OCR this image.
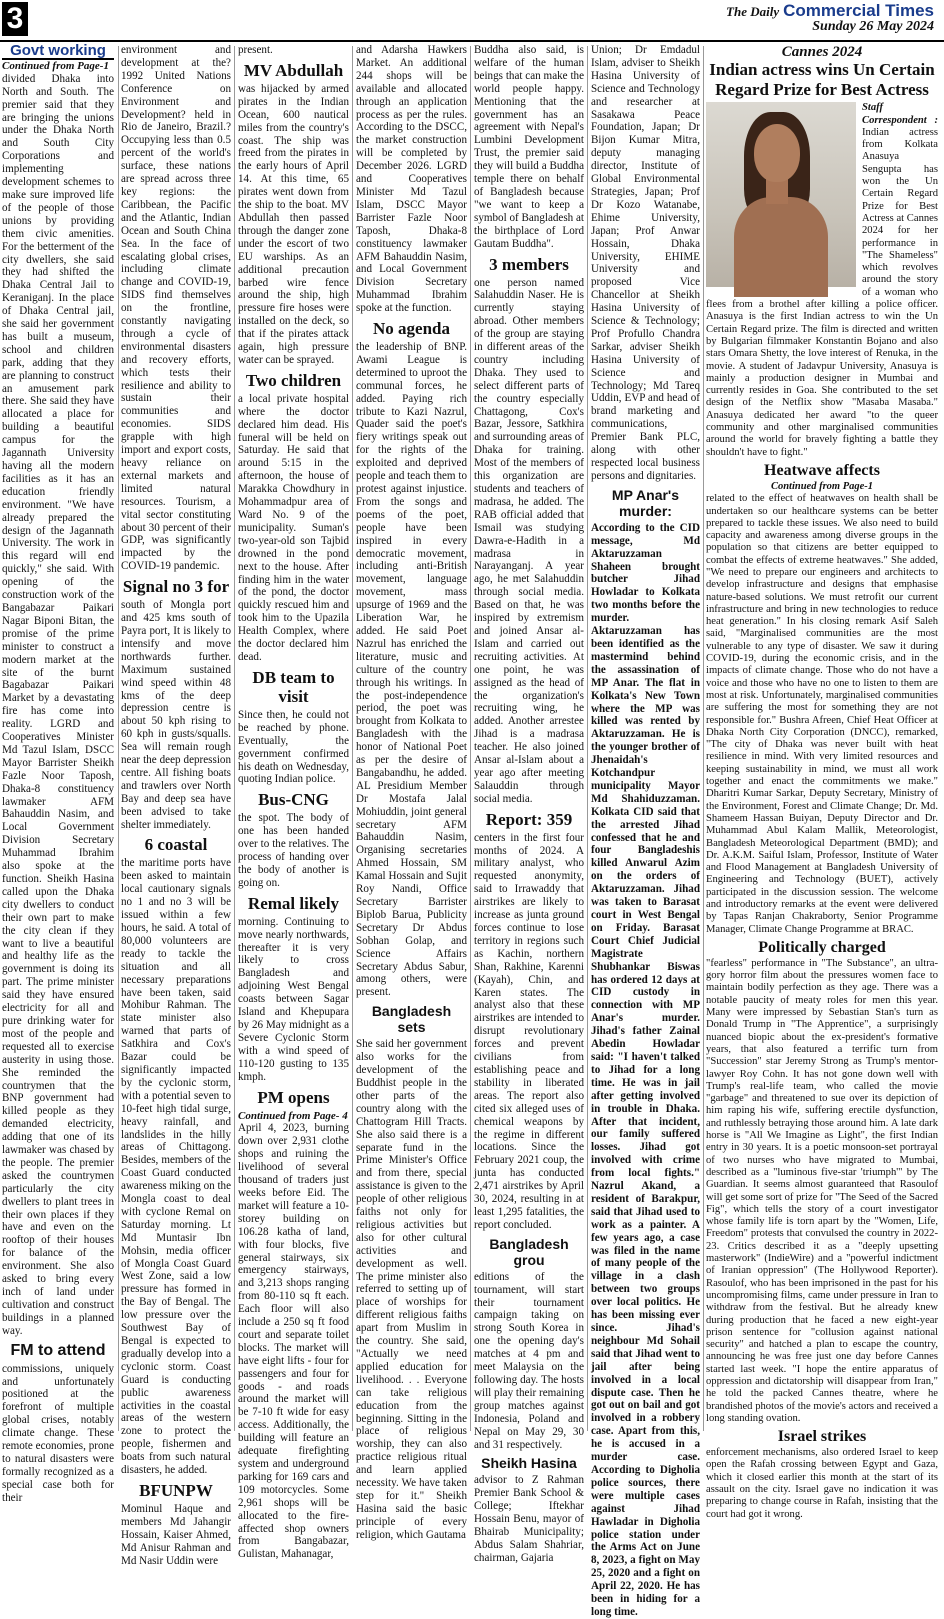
3	The Daily Commercial Times
Sunday 26 May 2024
Govt working
Continued from Page-1

divided Dhaka into North and South. The premier said that they are bringing the unions under the Dhaka North and South City Corporations and implementing development schemes to make sure improved life of the people of those unions by providing them civic amenities. For the betterment of the city dwellers, she said they had shifted the Dhaka Central Jail to Keraniganj. In the place of Dhaka Central jail, she said her government has built a museum, school and children park, adding that they are planning to construct an amusement park there. She said they have allocated a place for building a beautiful campus for the Jagannath University having all the modern facilities as it has an education friendly environment. "We have already prepared the design of the Jagannath University. The work in this regard will end quickly," she said. With opening of the construction work of the Bangabazar Paikari Nagar Biponi Bitan, the promise of the prime minister to construct a modern market at the site of the burnt Bagabazar Paikari Market by a devastating fire has come into reality. LGRD and Cooperatives Minister Md Tazul Islam, DSCC Mayor Barrister Sheikh Fazle Noor Taposh, Dhaka-8 constituency lawmaker AFM Bahauddin Nasim, and Local Government Division Secretary Muhammad Ibrahim also spoke at the function. Sheikh Hasina called upon the Dhaka city dwellers to conduct their own part to make the city clean if they want to live a beautiful and healthy life as the government is doing its part. The prime minister said they have ensured electricity for all and pure drinking water for most of the people and requested all to exercise austerity in using those. She reminded the countrymen that the BNP government had killed people as they demanded electricity, adding that one of its lawmaker was chased by the people. The premier asked the countrymen particularly the city dwellers to plant trees in their own places if they have and even on the rooftop of their houses for balance of the environment. She also asked to bring every inch of land under cultivation and construct buildings in a planned way.

FM to attend

commissions, uniquely and unfortunately positioned at the forefront of multiple global crises, notably climate change. These remote economies, prone to natural disasters were formally recognized as a special case both for their

environment and development at the?1992 United Nations Conference on Environment and Development? held in Rio de Janeiro, Brazil.?Occupying less than 0.5 percent of the world's surface, these nations are spread across three key regions: the Caribbean, the Pacific and the Atlantic, Indian Ocean and South China Sea. In the face of escalating global crises, including climate change and COVID-19, SIDS find themselves on the frontline, constantly navigating through a cycle of environmental disasters and recovery efforts, which tests their resilience and ability to sustain their communities and economies. SIDS grapple with high import and export costs, heavy reliance on external markets and limited natural resources. Tourism, a vital sector constituting about 30 percent of their GDP, was significantly impacted by the COVID-19 pandemic.

Signal no 3 for

south of Mongla port and 425 kms south of Payra port, It is likely to intensify and move northwards further. Maximum sustained wind speed within 48 kms of the deep depression centre is about 50 kph rising to 60 kph in gusts/squalls. Sea will remain rough near the deep depression centre. All fishing boats and trawlers over North Bay and deep sea have been advised to take shelter immediately.

6 coastal

the maritime ports have been asked to maintain local cautionary signals no 1 and no 3 will be issued within a few hours, he said. A total of 80,000 volunteers are ready to tackle the situation and all necessary preparations have been taken, said Mohibur Rahman. The state minister also warned that parts of Satkhira and Cox's Bazar could be significantly impacted by the cyclonic storm, with a potential seven to 10-feet high tidal surge, heavy rainfall, and landslides in the hilly areas of Chittagong. Besides, members of the Coast Guard conducted awareness miking on the Mongla coast to deal with cyclone Remal on Saturday morning. Lt Md Muntasir Ibn Mohsin, media officer of Mongla Coast Guard West Zone, said a low pressure has formed in the Bay of Bengal. The low pressure over the Southwest Bay of Bengal is expected to gradually develop into a cyclonic storm. Coast Guard is conducting public awareness activities in the coastal areas of the western zone to protect the people, fishermen and boats from such natural disasters, he added.

BFUNPW

Mominul Haque and members Md Jahangir Hossain, Kaiser Ahmed, Md Anisur Rahman and Md Nasir Uddin were

present.

MV Abdullah

was hijacked by armed pirates in the Indian Ocean, 600 nautical miles from the country's coast. The ship was freed from the pirates in the early hours of April 14. At this time, 65 pirates went down from the ship to the boat. MV Abdullah then passed through the danger zone under the escort of two EU warships. As an additional precaution barbed wire fence around the ship, high pressure fire hoses were installed on the deck, so that if the pirates attack again, high pressure water can be sprayed.

Two children

a local private hospital where the doctor declared him dead. His funeral will be held on Saturday. He said that around 5:15 in the afternoon, the house of Marakka Chowdhury in Mohammadpur area of Ward No. 9 of the municipality. Suman's two-year-old son Tajbid drowned in the pond next to the house. After finding him in the water of the pond, the doctor quickly rescued him and took him to the Upazila Health Complex, where the doctor declared him dead.

DB team to visit

Since then, he could not be reached by phone. Eventually, the government confirmed his death on Wednesday, quoting Indian police.

Bus-CNG

the spot. The body of one has been handed over to the relatives. The process of handing over the body of another is going on.

Remal likely

morning. Continuing to move nearly northwards, thereafter it is very likely to cross Bangladesh and adjoining West Bengal coasts between Sagar Island and Khepupara by 26 May midnight as a Severe Cyclonic Storm with a wind speed of 110-120 gusting to 135 kmph.

PM opens
Continued from Page- 4

April 4, 2023, burning down over 2,931 clothe shops and ruining the livelihood of several thousand of traders just weeks before Eid. The market will feature a 10-storey building on 106.28 katha of land, with four blocks, five general stairways, six emergency stairways, and 3,213 shops ranging from 80-110 sq ft each. Each floor will also include a 250 sq ft food court and separate toilet blocks. The market will have eight lifts - four for passengers and four for goods - and roads around the market will be 7-10 ft wide for easy access. Additionally, the building will feature an adequate firefighting system and underground parking for 169 cars and 109 motorcycles. Some 2,961 shops will be allocated to the fire-affected shop owners from Bangabazar, Gulistan, Mahanagar,

and Adarsha Hawkers Market. An additional 244 shops will be available and allocated through an application process as per the rules. According to the DSCC, the market construction will be completed by December 2026. LGRD and Cooperatives Minister Md Tazul Islam, DSCC Mayor Barrister Fazle Noor Taposh, Dhaka-8 constituency lawmaker AFM Bahauddin Nasim, and Local Government Division Secretary Muhammad Ibrahim spoke at the function.

No agenda

the leadership of BNP. Awami League is determined to uproot the communal forces, he added. Paying rich tribute to Kazi Nazrul, Quader said the poet's fiery writings speak out for the rights of the exploited and deprived people and teach them to protest against injustice. From the songs and poems of the poet, people have been inspired in every democratic movement, including anti-British movement, language movement, mass upsurge of 1969 and the Liberation War, he added. He said Poet Nazrul has enriched the literature, music and culture of the country through his writings. In the post-independence period, the poet was brought from Kolkata to Bangladesh with the honor of National Poet as per the desire of Bangabandhu, he added. AL Presidium Member Dr Mostafa Jalal Mohiuddin, joint general secretary AFM Bahauddin Nasim, Organising secretaries Ahmed Hossain, SM Kamal Hossain and Sujit Roy Nandi, Office Secretary Barrister Biplob Barua, Publicity Secretary Dr Abdus Sobhan Golap, and Science Affairs Secretary Abdus Sabur, among others, were present.

Bangladesh sets

She said her government also works for the development of the Buddhist people in the other parts of the country along with the Chattogram Hill Tracts. She also said there is a separate fund in the Prime Minister's Office and from there, special assistance is given to the people of other religious faiths not only for religious activities but also for other cultural activities and development as well. The prime minister also referred to setting up of place of worships for different religious faiths apart from Muslim in the country. She said, "Actually we need applied education for livelihood. . . Everyone can take religious education from the beginning. Sitting in the place of religious worship, they can also practice religious ritual and learn applied necessity. We have taken step for it." Sheikh Hasina said the basic principle of every religion, which Gautama

Buddha also said, is welfare of the human beings that can make the world people happy. Mentioning that the government has an agreement with Nepal's Lumbini Development Trust, the premier said they will build a Buddha temple there on behalf of Bangladesh because "we want to keep a symbol of Bangladesh at the birthplace of Lord Gautam Buddha".

3 members

one person named Salahuddin Naser. He is currently staying abroad. Other members of the group are staying in different areas of the country including Dhaka. They used to select different parts of the country especially Chattagong, Cox's Bazar, Jessore, Satkhira and surrounding areas of Dhaka for training. Most of the members of this organization are students and teachers of madrasa, he added. The RAB official added that Ismail was studying Dawra-e-Hadith in a madrasa in Narayanganj. A year ago, he met Salahuddin through social media. Based on that, he was inspired by extremism and joined Ansar al-Islam and carried out recruiting activities. At one point, he was assigned as the head of the organization's recruiting wing, he added. Another arrestee Jihad is a madrasa teacher. He also joined Ansar al-Islam about a year ago after meeting Salauddin through social media.

Report: 359

centers in the first four months of 2024. A military analyst, who requested anonymity, said to Irrawaddy that airstrikes are likely to increase as junta ground forces continue to lose territory in regions such as Kachin, northern Shan, Rakhine, Karenni (Kayah), Chin, and Karen states. The analyst also that these airstrikes are intended to disrupt revolutionary forces and prevent civilians from establishing peace and stability in liberated areas. The report also cited six alleged uses of chemical weapons by the regime in different locations. Since the February 2021 coup, the junta has conducted 2,471 airstrikes by April 30, 2024, resulting in at least 1,295 fatalities, the report concluded.

Bangladesh grou

editions of the tournament, will start their tournament campaign taking on strong South Korea in one the opening day's matches at 4 pm and meet Malaysia on the following day. The hosts will play their remaining group matches against Indonesia, Poland and Nepal on May 29, 30 and 31 respectively.

Sheikh Hasina

advisor to Z Rahman Premier Bank School & College; Iftekhar Hossain Benu, mayor of Bhairab Municipality; Abdus Salam Shahriar, chairman, Gajaria

Union; Dr Emdadul Islam, adviser to Sheikh Hasina University of Science and Technology and researcher at Sasakawa Peace Foundation, Japan; Dr Bijon Kumar Mitra, deputy managing director, Institute of Global Environmental Strategies, Japan; Prof Dr Kozo Watanabe, Ehime University, Japan; Prof Anwar Hossain, Dhaka University, EHIME University and proposed Vice Chancellor at Sheikh Hasina University of Science & Technology; Prof Profullo Chandra Sarkar, adviser Sheikh Hasina University of Science and Technology; Md Tareq Uddin, EVP and head of brand marketing and communications, Premier Bank PLC, along with other respected local business persons and dignitaries.

MP Anar's murder:

According to the CID message, Md Aktaruzzaman Shaheen brought butcher Jihad Howladar to Kolkata two months before the murder. Aktaruzzaman has been identified as the mastermind behind the assassination of MP Anar. The flat in Kolkata's New Town where the MP was killed was rented by Aktaruzzaman. He is the younger brother of Jhenaidah's Kotchandpur municipality Mayor Md Shahiduzzaman. Kolkata CID said that the arrested Jihad confessed that he and four Bangladeshis killed Anwarul Azim on the orders of Aktaruzzaman. Jihad was taken to Barasat court in West Bengal on Friday. Barasat Court Chief Judicial Magistrate Shubhankar Biswas has ordered 12 days at CID custody in connection with MP Anar's murder. Jihad's father Zainal Abedin Howladar said: "I haven't talked to Jihad for a long time. He was in jail after getting involved in trouble in Dhaka. After that incident, our family suffered losses. Jihad got involved with crime from local fights." Nazrul Akand, a resident of Barakpur, said that Jihad used to work as a painter. A few years ago, a case was filed in the name of many people of the village in a clash between two groups over local politics. He has been missing ever since. Jihad's neighbour Md Sohail said that Jihad went to jail after being involved in a local dispute case. Then he got out on bail and got involved in a robbery case. Apart from this, he is accused in a murder case. According to Digholia police sources, there were multiple cases against Jihad Hawladar in Digholia police station under the Arms Act on June 8, 2023, a fight on May 25, 2020 and a fight on April 22, 2020. He has been in hiding for a long time.

Cannes 2024
Indian actress wins Un Certain Regard Prize for Best Actress

Staff Correspondent : Indian actress from Kolkata Anasuya Sengupta has won the Un Certain Regard Prize for Best Actress at Cannes 2024 for her performance in "The Shameless" which revolves around the story of a woman who flees from a brothel after killing a police officer. Anasuya is the first Indian actress to win the Un Certain Regard prize. The film is directed and written by Bulgarian filmmaker Konstantin Bojano and also stars Omara Shetty, the love interest of Renuka, in the movie. A student of Jadavpur University, Anasuya is mainly a production designer in Mumbai and currently resides in Goa. She contributed to the set design of the Netflix show "Masaba Masaba." Anasuya dedicated her award "to the queer community and other marginalised communities around the world for bravely fighting a battle they shouldn't have to fight."

Heatwave affects
Continued from Page-1

related to the effect of heatwaves on health shall be undertaken so our healthcare systems can be better prepared to tackle these issues. We also need to build capacity and awareness among diverse groups in the population so that citizens are better equipped to combat the effects of extreme heatwaves." She added, "We need to prepare our engineers and architects to develop infrastructure and designs that emphasise nature-based solutions. We must retrofit our current infrastructure and bring in new technologies to reduce heat generation." In his closing remark Asif Saleh said, "Marginalised communities are the most vulnerable to any type of disaster. We saw it during COVID-19, during the economic crisis, and in the impacts of climate change. Those who do not have a voice and those who have no one to listen to them are most at risk. Unfortunately, marginalised communities are suffering the most for something they are not responsible for." Bushra Afreen, Chief Heat Officer at Dhaka North City Corporation (DNCC), remarked, "The city of Dhaka was never built with heat resilience in mind. With very limited resources and keeping sustainability in mind, we must all work together and enact the commitments we make." Dharitri Kumar Sarkar, Deputy Secretary, Ministry of the Environment, Forest and Climate Change; Dr. Md. Shameem Hassan Buiyan, Deputy Director and Dr. Muhammad Abul Kalam Mallik, Meteorologist, Bangladesh Meteorological Department (BMD); and Dr. A.K.M. Saiful Islam, Professor, Institute of Water and Flood Management at Bangladesh University of Engineering and Technology (BUET), actively participated in the discussion session. The welcome and introductory remarks at the event were delivered by Tapas Ranjan Chakraborty, Senior Programme Manager, Climate Change Programme at BRAC.

Politically charged

"fearless" performance in "The Substance", an ultra-gory horror film about the pressures women face to maintain bodily perfection as they age. There was a notable paucity of meaty roles for men this year. Many were impressed by Sebastian Stan's turn as Donald Trump in "The Apprentice", a surprisingly nuanced biopic about the ex-president's formative years, that also featured a terrific turn from "Succession" star Jeremy Strong as Trump's mentor-lawyer Roy Cohn. It has not gone down well with Trump's real-life team, who called the movie "garbage" and threatened to sue over its depiction of him raping his wife, suffering erectile dysfunction, and ruthlessly betraying those around him. A late dark horse is "All We Imagine as Light", the first Indian entry in 30 years. It is a poetic monsoon-set portrayal of two nurses who have migrated to Mumbai, described as a "luminous five-star 'triumph'" by The Guardian. It seems almost guaranteed that Rasoulof will get some sort of prize for "The Seed of the Sacred Fig", which tells the story of a court investigator whose family life is torn apart by the "Women, Life, Freedom" protests that convulsed the country in 2022-23. Critics described it as a "deeply upsetting masterwork" (IndieWire) and a "powerful indictment of Iranian oppression" (The Hollywood Reporter). Rasoulof, who has been imprisoned in the past for his uncompromising films, came under pressure in Iran to withdraw from the festival. But he already knew during production that he faced a new eight-year prison sentence for "collusion against national security" and hatched a plan to escape the country, announcing he was free just one day before Cannes started last week. "I hope the entire apparatus of oppression and dictatorship will disappear from Iran," he told the packed Cannes theatre, where he brandished photos of the movie's actors and received a long standing ovation.

Israel strikes

enforcement mechanisms, also ordered Israel to keep open the Rafah crossing between Egypt and Gaza, which it closed earlier this month at the start of its assault on the city. Israel gave no indication it was preparing to change course in Rafah, insisting that the court had got it wrong.
